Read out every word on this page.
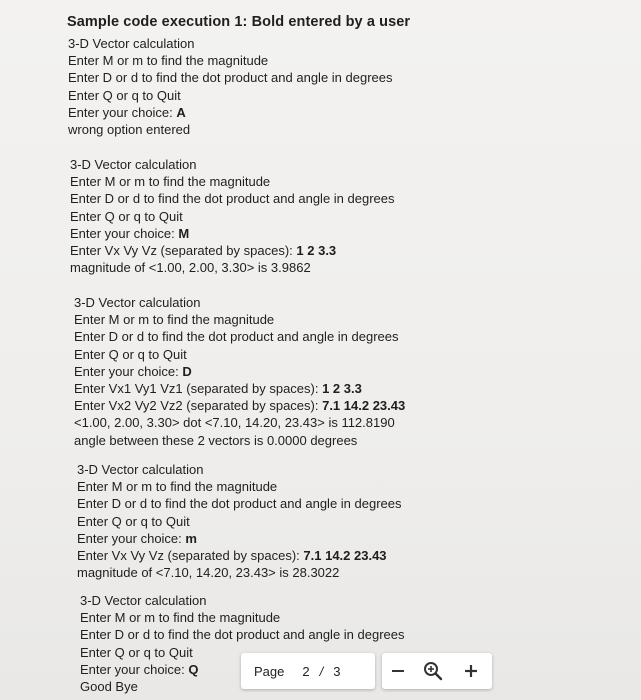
Sample code execution 1: Bold entered by a user
3-D Vector calculation
Enter M or m to find the magnitude
Enter D or d to find the dot product and angle in degrees
Enter Q or q to Quit
Enter your choice: A
wrong option entered
3-D Vector calculation
Enter M or m to find the magnitude
Enter D or d to find the dot product and angle in degrees
Enter Q or q to Quit
Enter your choice: M
Enter Vx Vy Vz (separated by spaces): 1 2 3.3
magnitude of <1.00, 2.00, 3.30> is 3.9862
3-D Vector calculation
Enter M or m to find the magnitude
Enter D or d to find the dot product and angle in degrees
Enter Q or q to Quit
Enter your choice: D
Enter Vx1 Vy1 Vz1 (separated by spaces): 1 2 3.3
Enter Vx2 Vy2 Vz2 (separated by spaces): 7.1 14.2 23.43
<1.00, 2.00, 3.30> dot <7.10, 14.20, 23.43> is 112.8190
angle between these 2 vectors is 0.0000 degrees
3-D Vector calculation
Enter M or m to find the magnitude
Enter D or d to find the dot product and angle in degrees
Enter Q or q to Quit
Enter your choice: m
Enter Vx Vy Vz (separated by spaces): 7.1 14.2 23.43
magnitude of <7.10, 14.20, 23.43> is 28.3022
3-D Vector calculation
Enter M or m to find the magnitude
Enter D or d to find the dot product and angle in degrees
Enter Q or q to Quit
Enter your choice: Q
Good Bye
Page 2 / 3
